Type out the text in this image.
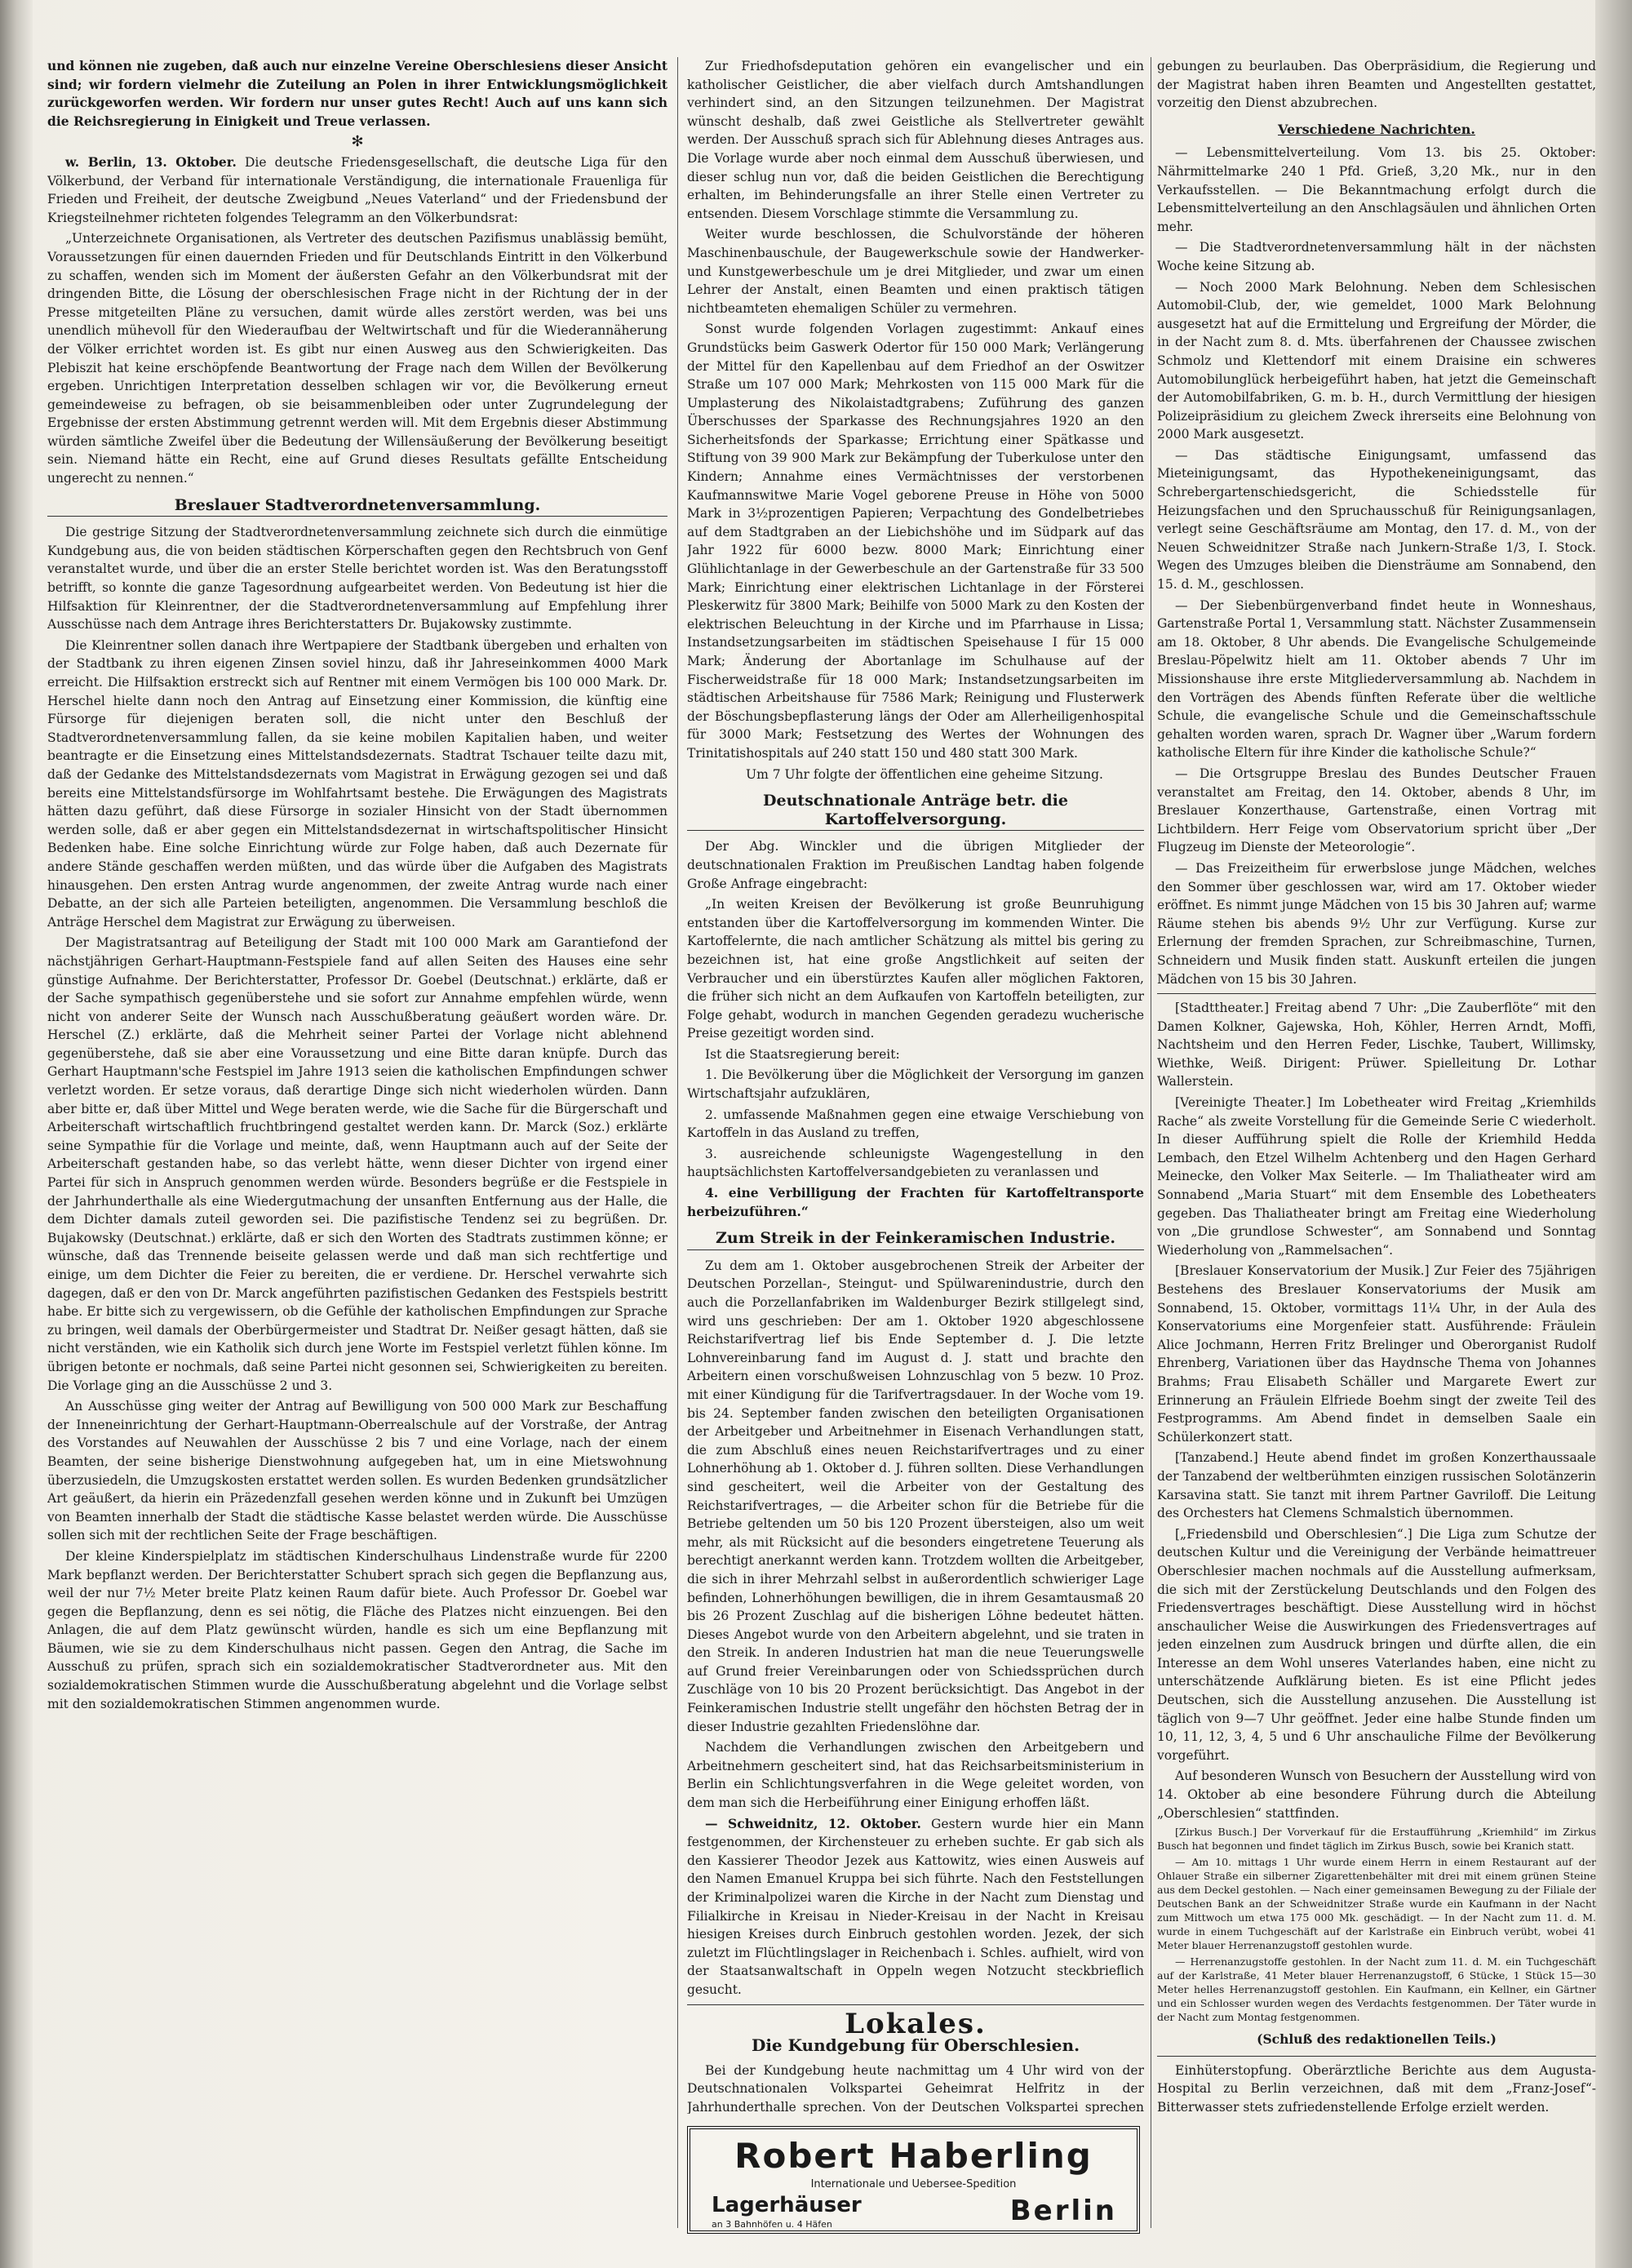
und können nie zugeben, daß auch nur einzelne Vereine Oberschlesiens dieser Ansicht sind; wir fordern vielmehr die Zuteilung an Polen in ihrer Entwicklungsmöglichkeit zurückgeworfen werden. Wir fordern nur unser gutes Recht! Auch auf uns kann sich die Reichsregierung in Einigkeit und Treue verlassen.

✻

w. Berlin, 13. Oktober. Die deutsche Friedensgesellschaft, die deutsche Liga für den Völkerbund, der Verband für internationale Verständigung, die internationale Frauenliga für Frieden und Freiheit, der deutsche Zweigbund „Neues Vaterland“ und der Friedensbund der Kriegsteilnehmer richteten folgendes Telegramm an den Völkerbundsrat:

„Unterzeichnete Organisationen, als Vertreter des deutschen Pazifismus unablässig bemüht, Voraussetzungen für einen dauernden Frieden und für Deutschlands Eintritt in den Völkerbund zu schaffen, wenden sich im Moment der äußersten Gefahr an den Völkerbundsrat mit der dringenden Bitte, die Lösung der oberschlesischen Frage nicht in der Richtung der in der Presse mitgeteilten Pläne zu versuchen, damit würde alles zerstört werden, was bei uns unendlich mühevoll für den Wiederaufbau der Weltwirtschaft und für die Wiederannäherung der Völker errichtet worden ist. Es gibt nur einen Ausweg aus den Schwierigkeiten. Das Plebiszit hat keine erschöpfende Beantwortung der Frage nach dem Willen der Bevölkerung ergeben. Unrichtigen Interpretation desselben schlagen wir vor, die Bevölkerung erneut gemeindeweise zu befragen, ob sie beisammenbleiben oder unter Zugrundelegung der Ergebnisse der ersten Abstimmung getrennt werden will. Mit dem Ergebnis dieser Abstimmung würden sämtliche Zweifel über die Bedeutung der Willensäußerung der Bevölkerung beseitigt sein. Niemand hätte ein Recht, eine auf Grund dieses Resultats gefällte Entscheidung ungerecht zu nennen.“

Breslauer Stadtverordnetenversammlung.

Die gestrige Sitzung der Stadtverordnetenversammlung zeichnete sich durch die einmütige Kundgebung aus, die von beiden städtischen Körperschaften gegen den Rechtsbruch von Genf veranstaltet wurde, und über die an erster Stelle berichtet worden ist. Was den Beratungsstoff betrifft, so konnte die ganze Tagesordnung aufgearbeitet werden. Von Bedeutung ist hier die Hilfsaktion für Kleinrentner, der die Stadtverordnetenversammlung auf Empfehlung ihrer Ausschüsse nach dem Antrage ihres Berichterstatters Dr. Bujakowsky zustimmte.

Die Kleinrentner sollen danach ihre Wertpapiere der Stadtbank übergeben und erhalten von der Stadtbank zu ihren eigenen Zinsen soviel hinzu, daß ihr Jahreseinkommen 4000 Mark erreicht. Die Hilfsaktion erstreckt sich auf Rentner mit einem Vermögen bis 100 000 Mark. Dr. Herschel hielte dann noch den Antrag auf Einsetzung einer Kommission, die künftig eine Fürsorge für diejenigen beraten soll, die nicht unter den Beschluß der Stadtverordnetenversammlung fallen, da sie keine mobilen Kapitalien haben, und weiter beantragte er die Einsetzung eines Mittelstandsdezernats. Stadtrat Tschauer teilte dazu mit, daß der Gedanke des Mittelstandsdezernats vom Magistrat in Erwägung gezogen sei und daß bereits eine Mittelstandsfürsorge im Wohlfahrtsamt bestehe. Die Erwägungen des Magistrats hätten dazu geführt, daß diese Fürsorge in sozialer Hinsicht von der Stadt übernommen werden solle, daß er aber gegen ein Mittelstandsdezernat in wirtschaftspolitischer Hinsicht Bedenken habe. Eine solche Einrichtung würde zur Folge haben, daß auch Dezernate für andere Stände geschaffen werden müßten, und das würde über die Aufgaben des Magistrats hinausgehen. Den ersten Antrag wurde angenommen, der zweite Antrag wurde nach einer Debatte, an der sich alle Parteien beteiligten, angenommen. Die Versammlung beschloß die Anträge Herschel dem Magistrat zur Erwägung zu überweisen.

Der Magistratsantrag auf Beteiligung der Stadt mit 100 000 Mark am Garantiefond der nächstjährigen Gerhart-Hauptmann-Festspiele fand auf allen Seiten des Hauses eine sehr günstige Aufnahme. Der Berichterstatter, Professor Dr. Goebel (Deutschnat.) erklärte, daß er der Sache sympathisch gegenüberstehe und sie sofort zur Annahme empfehlen würde, wenn nicht von anderer Seite der Wunsch nach Ausschußberatung geäußert worden wäre. Dr. Herschel (Z.) erklärte, daß die Mehrheit seiner Partei der Vorlage nicht ablehnend gegenüberstehe, daß sie aber eine Voraussetzung und eine Bitte daran knüpfe. Durch das Gerhart Hauptmann'sche Festspiel im Jahre 1913 seien die katholischen Empfindungen schwer verletzt worden. Er setze voraus, daß derartige Dinge sich nicht wiederholen würden. Dann aber bitte er, daß über Mittel und Wege beraten werde, wie die Sache für die Bürgerschaft und Arbeiterschaft wirtschaftlich fruchtbringend gestaltet werden kann. Dr. Marck (Soz.) erklärte seine Sympathie für die Vorlage und meinte, daß, wenn Hauptmann auch auf der Seite der Arbeiterschaft gestanden habe, so das verlebt hätte, wenn dieser Dichter von irgend einer Partei für sich in Anspruch genommen werden würde. Besonders begrüße er die Festspiele in der Jahrhunderthalle als eine Wiedergutmachung der unsanften Entfernung aus der Halle, die dem Dichter damals zuteil geworden sei. Die pazifistische Tendenz sei zu begrüßen. Dr. Bujakowsky (Deutschnat.) erklärte, daß er sich den Worten des Stadtrats zustimmen könne; er wünsche, daß das Trennende beiseite gelassen werde und daß man sich rechtfertige und einige, um dem Dichter die Feier zu bereiten, die er verdiene. Dr. Herschel verwahrte sich dagegen, daß er den von Dr. Marck angeführten pazifistischen Gedanken des Festspiels bestritt habe. Er bitte sich zu vergewissern, ob die Gefühle der katholischen Empfindungen zur Sprache zu bringen, weil damals der Oberbürgermeister und Stadtrat Dr. Neißer gesagt hätten, daß sie nicht verständen, wie ein Katholik sich durch jene Worte im Festspiel verletzt fühlen könne. Im übrigen betonte er nochmals, daß seine Partei nicht gesonnen sei, Schwierigkeiten zu bereiten. Die Vorlage ging an die Ausschüsse 2 und 3.

An Ausschüsse ging weiter der Antrag auf Bewilligung von 500 000 Mark zur Beschaffung der Inneneinrichtung der Gerhart-Hauptmann-Oberrealschule auf der Vorstraße, der Antrag des Vorstandes auf Neuwahlen der Ausschüsse 2 bis 7 und eine Vorlage, nach der einem Beamten, der seine bisherige Dienstwohnung aufgegeben hat, um in eine Mietswohnung überzusiedeln, die Umzugskosten erstattet werden sollen. Es wurden Bedenken grundsätzlicher Art geäußert, da hierin ein Präzedenzfall gesehen werden könne und in Zukunft bei Umzügen von Beamten innerhalb der Stadt die städtische Kasse belastet werden würde. Die Ausschüsse sollen sich mit der rechtlichen Seite der Frage beschäftigen.

Der kleine Kinderspielplatz im städtischen Kinderschulhaus Lindenstraße wurde für 2200 Mark bepflanzt werden. Der Berichterstatter Schubert sprach sich gegen die Bepflanzung aus, weil der nur 7½ Meter breite Platz keinen Raum dafür biete. Auch Professor Dr. Goebel war gegen die Bepflanzung, denn es sei nötig, die Fläche des Platzes nicht einzuengen. Bei den Anlagen, die auf dem Platz gewünscht würden, handle es sich um eine Bepflanzung mit Bäumen, wie sie zu dem Kinderschulhaus nicht passen. Gegen den Antrag, die Sache im Ausschuß zu prüfen, sprach sich ein sozialdemokratischer Stadtverordneter aus. Mit den sozialdemokratischen Stimmen wurde die Ausschußberatung abgelehnt und die Vorlage selbst mit den sozialdemokratischen Stimmen angenommen wurde.

Zur Friedhofsdeputation gehören ein evangelischer und ein katholischer Geistlicher, die aber vielfach durch Amtshandlungen verhindert sind, an den Sitzungen teilzunehmen. Der Magistrat wünscht deshalb, daß zwei Geistliche als Stellvertreter gewählt werden. Der Ausschuß sprach sich für Ablehnung dieses Antrages aus. Die Vorlage wurde aber noch einmal dem Ausschuß überwiesen, und dieser schlug nun vor, daß die beiden Geistlichen die Berechtigung erhalten, im Behinderungsfalle an ihrer Stelle einen Vertreter zu entsenden. Diesem Vorschlage stimmte die Versammlung zu.

Weiter wurde beschlossen, die Schulvorstände der höheren Maschinenbauschule, der Baugewerkschule sowie der Handwerker- und Kunstgewerbeschule um je drei Mitglieder, und zwar um einen Lehrer der Anstalt, einen Beamten und einen praktisch tätigen nichtbeamteten ehemaligen Schüler zu vermehren.

Sonst wurde folgenden Vorlagen zugestimmt: Ankauf eines Grundstücks beim Gaswerk Odertor für 150 000 Mark; Verlängerung der Mittel für den Kapellenbau auf dem Friedhof an der Oswitzer Straße um 107 000 Mark; Mehrkosten von 115 000 Mark für die Umplasterung des Nikolaistadtgrabens; Zuführung des ganzen Überschusses der Sparkasse des Rechnungsjahres 1920 an den Sicherheitsfonds der Sparkasse; Errichtung einer Spätkasse und Stiftung von 39 900 Mark zur Bekämpfung der Tuberkulose unter den Kindern; Annahme eines Vermächtnisses der verstorbenen Kaufmannswitwe Marie Vogel geborene Preuse in Höhe von 5000 Mark in 3½prozentigen Papieren; Verpachtung des Gondelbetriebes auf dem Stadtgraben an der Liebichshöhe und im Südpark auf das Jahr 1922 für 6000 bezw. 8000 Mark; Einrichtung einer Glühlichtanlage in der Gewerbeschule an der Gartenstraße für 33 500 Mark; Einrichtung einer elektrischen Lichtanlage in der Försterei Pleskerwitz für 3800 Mark; Beihilfe von 5000 Mark zu den Kosten der elektrischen Beleuchtung in der Kirche und im Pfarrhause in Lissa; Instandsetzungsarbeiten im städtischen Speisehause I für 15 000 Mark; Änderung der Abortanlage im Schulhause auf der Fischerweidstraße für 18 000 Mark; Instandsetzungsarbeiten im städtischen Arbeitshause für 7586 Mark; Reinigung und Flusterwerk der Böschungsbepflasterung längs der Oder am Allerheiligenhospital für 3000 Mark; Festsetzung des Wertes der Wohnungen des Trinitatishospitals auf 240 statt 150 und 480 statt 300 Mark.

Um 7 Uhr folgte der öffentlichen eine geheime Sitzung.

Deutschnationale Anträge betr. die Kartoffelversorgung.

Der Abg. Winckler und die übrigen Mitglieder der deutschnationalen Fraktion im Preußischen Landtag haben folgende Große Anfrage eingebracht:

„In weiten Kreisen der Bevölkerung ist große Beunruhigung entstanden über die Kartoffelversorgung im kommenden Winter. Die Kartoffelernte, die nach amtlicher Schätzung als mittel bis gering zu bezeichnen ist, hat eine große Angstlichkeit auf seiten der Verbraucher und ein überstürztes Kaufen aller möglichen Faktoren, die früher sich nicht an dem Aufkaufen von Kartoffeln beteiligten, zur Folge gehabt, wodurch in manchen Gegenden geradezu wucherische Preise gezeitigt worden sind.

Ist die Staatsregierung bereit:

1. Die Bevölkerung über die Möglichkeit der Versorgung im ganzen Wirtschaftsjahr aufzuklären,

2. umfassende Maßnahmen gegen eine etwaige Verschiebung von Kartoffeln in das Ausland zu treffen,

3. ausreichende schleunigste Wagengestellung in den hauptsächlichsten Kartoffelversandgebieten zu veranlassen und

4. eine Verbilligung der Frachten für Kartoffeltransporte herbeizuführen.“

Zum Streik in der Feinkeramischen Industrie.

Zu dem am 1. Oktober ausgebrochenen Streik der Arbeiter der Deutschen Porzellan-, Steingut- und Spülwarenindustrie, durch den auch die Porzellanfabriken im Waldenburger Bezirk stillgelegt sind, wird uns geschrieben: Der am 1. Oktober 1920 abgeschlossene Reichstarifvertrag lief bis Ende September d. J. Die letzte Lohnvereinbarung fand im August d. J. statt und brachte den Arbeitern einen vorschußweisen Lohnzuschlag von 5 bezw. 10 Proz. mit einer Kündigung für die Tarifvertragsdauer. In der Woche vom 19. bis 24. September fanden zwischen den beteiligten Organisationen der Arbeitgeber und Arbeitnehmer in Eisenach Verhandlungen statt, die zum Abschluß eines neuen Reichstarifvertrages und zu einer Lohnerhöhung ab 1. Oktober d. J. führen sollten. Diese Verhandlungen sind gescheitert, weil die Arbeiter von der Gestaltung des Reichstarifvertrages, — die Arbeiter schon für die Betriebe für die Betriebe geltenden um 50 bis 120 Prozent übersteigen, also um weit mehr, als mit Rücksicht auf die besonders eingetretene Teuerung als berechtigt anerkannt werden kann. Trotzdem wollten die Arbeitgeber, die sich in ihrer Mehrzahl selbst in außerordentlich schwieriger Lage befinden, Lohnerhöhungen bewilligen, die in ihrem Gesamtausmaß 20 bis 26 Prozent Zuschlag auf die bisherigen Löhne bedeutet hätten. Dieses Angebot wurde von den Arbeitern abgelehnt, und sie traten in den Streik. In anderen Industrien hat man die neue Teuerungswelle auf Grund freier Vereinbarungen oder von Schiedssprüchen durch Zuschläge von 10 bis 20 Prozent berücksichtigt. Das Angebot in der Feinkeramischen Industrie stellt ungefähr den höchsten Betrag der in dieser Industrie gezahlten Friedenslöhne dar.

Nachdem die Verhandlungen zwischen den Arbeitgebern und Arbeitnehmern gescheitert sind, hat das Reichsarbeitsministerium in Berlin ein Schlichtungsverfahren in die Wege geleitet worden, von dem man sich die Herbeiführung einer Einigung erhoffen läßt.

— Schweidnitz, 12. Oktober. Gestern wurde hier ein Mann festgenommen, der Kirchensteuer zu erheben suchte. Er gab sich als den Kassierer Theodor Jezek aus Kattowitz, wies einen Ausweis auf den Namen Emanuel Kruppa bei sich führte. Nach den Feststellungen der Kriminalpolizei waren die Kirche in der Nacht zum Dienstag und Filialkirche in Kreisau in Nieder-Kreisau in der Nacht in Kreisau hiesigen Kreises durch Einbruch gestohlen worden. Jezek, der sich zuletzt im Flüchtlingslager in Reichenbach i. Schles. aufhielt, wird von der Staatsanwaltschaft in Oppeln wegen Notzucht steckbrieflich gesucht.

Lokales.
Die Kundgebung für Oberschlesien.

Bei der Kundgebung heute nachmittag um 4 Uhr wird von der Deutschnationalen Volkspartei Geheimrat Helfritz in der Jahrhunderthalle sprechen. Von der Deutschen Volkspartei sprechen

Robert Haberling
Internationale und Uebersee-Spedition
Lagerhäuser
an 3 Bahnhöfen u. 4 Häfen	Berlin

gebungen zu beurlauben. Das Oberpräsidium, die Regierung und der Magistrat haben ihren Beamten und Angestellten gestattet, vorzeitig den Dienst abzubrechen.

Verschiedene Nachrichten.

— Lebensmittelverteilung. Vom 13. bis 25. Oktober: Nährmittelmarke 240 1 Pfd. Grieß, 3,20 Mk., nur in den Verkaufsstellen. — Die Bekanntmachung erfolgt durch die Lebensmittelverteilung an den Anschlagsäulen und ähnlichen Orten mehr.

— Die Stadtverordnetenversammlung hält in der nächsten Woche keine Sitzung ab.

— Noch 2000 Mark Belohnung. Neben dem Schlesischen Automobil-Club, der, wie gemeldet, 1000 Mark Belohnung ausgesetzt hat auf die Ermittelung und Ergreifung der Mörder, die in der Nacht zum 8. d. Mts. überfahrenen der Chaussee zwischen Schmolz und Klettendorf mit einem Draisine ein schweres Automobilunglück herbeigeführt haben, hat jetzt die Gemeinschaft der Automobilfabriken, G. m. b. H., durch Vermittlung der hiesigen Polizeipräsidium zu gleichem Zweck ihrerseits eine Belohnung von 2000 Mark ausgesetzt.

— Das städtische Einigungsamt, umfassend das Mieteinigungsamt, das Hypothekeneinigungsamt, das Schrebergartenschiedsgericht, die Schiedsstelle für Heizungsfachen und den Spruchausschuß für Reinigungsanlagen, verlegt seine Geschäftsräume am Montag, den 17. d. M., von der Neuen Schweidnitzer Straße nach Junkern-Straße 1/3, I. Stock. Wegen des Umzuges bleiben die Diensträume am Sonnabend, den 15. d. M., geschlossen.

— Der Siebenbürgenverband findet heute in Wonneshaus, Gartenstraße Portal 1, Versammlung statt. Nächster Zusammensein am 18. Oktober, 8 Uhr abends. Die Evangelische Schulgemeinde Breslau-Pöpelwitz hielt am 11. Oktober abends 7 Uhr im Missionshause ihre erste Mitgliederversammlung ab. Nachdem in den Vorträgen des Abends fünften Referate über die weltliche Schule, die evangelische Schule und die Gemeinschaftsschule gehalten worden waren, sprach Dr. Wagner über „Warum fordern katholische Eltern für ihre Kinder die katholische Schule?“

— Die Ortsgruppe Breslau des Bundes Deutscher Frauen veranstaltet am Freitag, den 14. Oktober, abends 8 Uhr, im Breslauer Konzerthause, Gartenstraße, einen Vortrag mit Lichtbildern. Herr Feige vom Observatorium spricht über „Der Flugzeug im Dienste der Meteorologie“.

— Das Freizeitheim für erwerbslose junge Mädchen, welches den Sommer über geschlossen war, wird am 17. Oktober wieder eröffnet. Es nimmt junge Mädchen von 15 bis 30 Jahren auf; warme Räume stehen bis abends 9½ Uhr zur Verfügung. Kurse zur Erlernung der fremden Sprachen, zur Schreibmaschine, Turnen, Schneidern und Musik finden statt. Auskunft erteilen die jungen Mädchen von 15 bis 30 Jahren.

[Stadttheater.] Freitag abend 7 Uhr: „Die Zauberflöte“ mit den Damen Kolkner, Gajewska, Hoh, Köhler, Herren Arndt, Moffi, Nachtsheim und den Herren Feder, Lischke, Taubert, Willimsky, Wiethke, Weiß. Dirigent: Prüwer. Spielleitung Dr. Lothar Wallerstein.

[Vereinigte Theater.] Im Lobetheater wird Freitag „Kriemhilds Rache“ als zweite Vorstellung für die Gemeinde Serie C wiederholt. In dieser Aufführung spielt die Rolle der Kriemhild Hedda Lembach, den Etzel Wilhelm Achtenberg und den Hagen Gerhard Meinecke, den Volker Max Seiterle. — Im Thaliatheater wird am Sonnabend „Maria Stuart“ mit dem Ensemble des Lobetheaters gegeben. Das Thaliatheater bringt am Freitag eine Wiederholung von „Die grundlose Schwester“, am Sonnabend und Sonntag Wiederholung von „Rammelsachen“.

[Breslauer Konservatorium der Musik.] Zur Feier des 75jährigen Bestehens des Breslauer Konservatoriums der Musik am Sonnabend, 15. Oktober, vormittags 11¼ Uhr, in der Aula des Konservatoriums eine Morgenfeier statt. Ausführende: Fräulein Alice Jochmann, Herren Fritz Brelinger und Oberorganist Rudolf Ehrenberg, Variationen über das Haydnsche Thema von Johannes Brahms; Frau Elisabeth Schäller und Margarete Ewert zur Erinnerung an Fräulein Elfriede Boehm singt der zweite Teil des Festprogramms. Am Abend findet in demselben Saale ein Schülerkonzert statt.

[Tanzabend.] Heute abend findet im großen Konzerthaussaale der Tanzabend der weltberühmten einzigen russischen Solotänzerin Karsavina statt. Sie tanzt mit ihrem Partner Gavriloff. Die Leitung des Orchesters hat Clemens Schmalstich übernommen.

[„Friedensbild und Oberschlesien“.] Die Liga zum Schutze der deutschen Kultur und die Vereinigung der Verbände heimattreuer Oberschlesier machen nochmals auf die Ausstellung aufmerksam, die sich mit der Zerstückelung Deutschlands und den Folgen des Friedensvertrages beschäftigt. Diese Ausstellung wird in höchst anschaulicher Weise die Auswirkungen des Friedensvertrages auf jeden einzelnen zum Ausdruck bringen und dürfte allen, die ein Interesse an dem Wohl unseres Vaterlandes haben, eine nicht zu unterschätzende Aufklärung bieten. Es ist eine Pflicht jedes Deutschen, sich die Ausstellung anzusehen. Die Ausstellung ist täglich von 9—7 Uhr geöffnet. Jeder eine halbe Stunde finden um 10, 11, 12, 3, 4, 5 und 6 Uhr anschauliche Filme der Bevölkerung vorgeführt.

Auf besonderen Wunsch von Besuchern der Ausstellung wird von 14. Oktober ab eine besondere Führung durch die Abteilung „Oberschlesien“ stattfinden.

[Zirkus Busch.] Der Vorverkauf für die Erstaufführung „Kriemhild“ im Zirkus Busch hat begonnen und findet täglich im Zirkus Busch, sowie bei Kranich statt.

— Am 10. mittags 1 Uhr wurde einem Herrn in einem Restaurant auf der Ohlauer Straße ein silberner Zigarettenbehälter mit drei mit einem grünen Steine aus dem Deckel gestohlen. — Nach einer gemeinsamen Bewegung zu der Filiale der Deutschen Bank an der Schweidnitzer Straße wurde ein Kaufmann in der Nacht zum Mittwoch um etwa 175 000 Mk. geschädigt. — In der Nacht zum 11. d. M. wurde in einem Tuchgeschäft auf der Karlstraße ein Einbruch verübt, wobei 41 Meter blauer Herrenanzugstoff gestohlen wurde.

— Herrenanzugstoffe gestohlen. In der Nacht zum 11. d. M. ein Tuchgeschäft auf der Karlstraße, 41 Meter blauer Herrenanzugstoff, 6 Stücke, 1 Stück 15—30 Meter helles Herrenanzugstoff gestohlen. Ein Kaufmann, ein Kellner, ein Gärtner und ein Schlosser wurden wegen des Verdachts festgenommen. Der Täter wurde in der Nacht zum Montag festgenommen.

(Schluß des redaktionellen Teils.)

Einhüterstopfung. Oberärztliche Berichte aus dem Augusta-Hospital zu Berlin verzeichnen, daß mit dem „Franz-Josef“-Bitterwasser stets zufriedenstellende Erfolge erzielt werden.
